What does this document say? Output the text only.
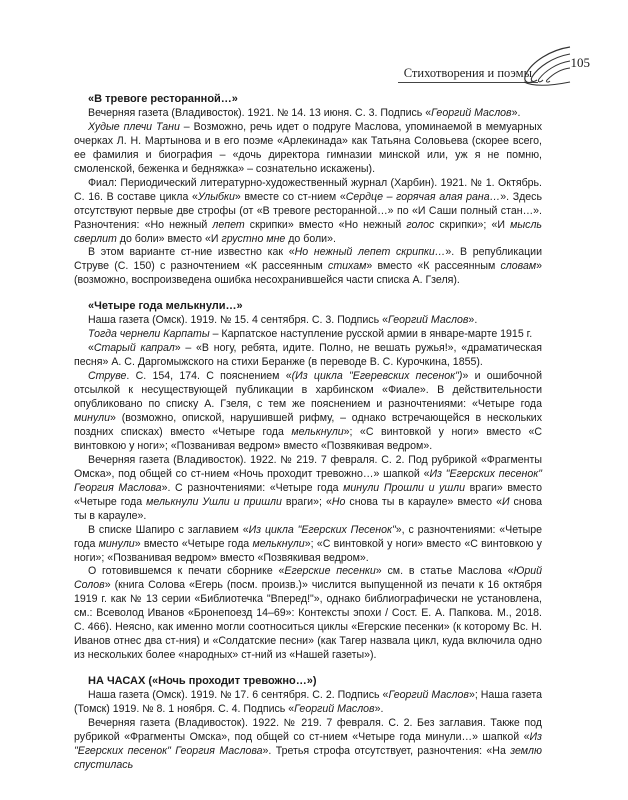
Стихотворения и поэмы
105

«В тревоге ресторанной…»

Вечерняя газета (Владивосток). 1921. № 14. 13 июня. С. 3. Подпись «Георгий Маслов».

Худые плечи Тани – Возможно, речь идет о подруге Маслова, упоминаемой в мемуарных очерках Л. Н. Мартынова и в его поэме «Арлекинада» как Татьяна Соловьева (скорее всего, ее фамилия и биография – «дочь директора гимназии минской или, уж я не помню, смоленской, беженка и бедняжка» – сознательно искажены).

Фиал: Периодический литературно-художественный журнал (Харбин). 1921. № 1. Октябрь. С. 16. В составе цикла «Улыбки» вместе со ст-нием «Сердце – горячая алая рана…». Здесь отсутствуют первые две строфы (от «В тревоге ресторанной…» по «И Саши полный стан…». Разночтения: «Но нежный лепет скрипки» вместо «Но нежный голос скрипки»; «И мысль сверлит до боли» вместо «И грустно мне до боли».

В этом варианте ст-ние известно как «Но нежный лепет скрипки…». В републикации Струве (С. 150) с разночтением «К рассеянным стихам» вместо «К рассеянным словам» (возможно, воспроизведена ошибка несохранившейся части списка А. Гзеля).

«Четыре года мелькнули…»

Наша газета (Омск). 1919. № 15. 4 сентября. С. 3. Подпись «Георгий Маслов».

Тогда чернели Карпаты – Карпатское наступление русской армии в январе-марте 1915 г.

«Старый капрал» – «В ногу, ребята, идите. Полно, не вешать ружья!», «драматическая песня» А. С. Даргомыжского на стихи Беранже (в переводе В. С. Курочкина, 1855).

Струве. С. 154, 174. С пояснением «(Из цикла "Егеревских песенок")» и ошибочной отсылкой к несуществующей публикации в харбинском «Фиале». В действительности опубликовано по списку А. Гзеля, с тем же пояснением и разночтениями: «Четыре года минули» (возможно, опиской, нарушившей рифму, – однако встречающейся в нескольких поздних списках) вместо «Четыре года мелькнули»; «С винтовкой у ноги» вместо «С винтовкою у ноги»; «Позванивая ведром» вместо «Позвякивая ведром».

Вечерняя газета (Владивосток). 1922. № 219. 7 февраля. С. 2. Под рубрикой «Фрагменты Омска», под общей со ст-нием «Ночь проходит тревожно…» шапкой «Из "Егерских песенок" Георгия Маслова». С разночтениями: «Четыре года минули Прошли и ушли враги» вместо «Четыре года мелькнули Ушли и пришли враги»; «Но снова ты в карауле» вместо «И снова ты в карауле».

В списке Шапиро с заглавием «Из цикла "Егерских Песенок"», с разночтениями: «Четыре года минули» вместо «Четыре года мелькнули»; «С винтовкой у ноги» вместо «С винтовкою у ноги»; «Позванивая ведром» вместо «Позвякивая ведром».

О готовившемся к печати сборнике «Егерские песенки» см. в статье Маслова «Юрий Солов» (книга Солова «Егерь (посм. произв.)» числится выпущенной из печати к 16 октября 1919 г. как № 13 серии «Библиотечка "Вперед!"», однако библиографически не установлена, см.: Всеволод Иванов «Бронепоезд 14–69»: Контексты эпохи / Сост. Е. А. Папкова. М., 2018. С. 466). Неясно, как именно могли соотноситься циклы «Егерские песенки» (к которому Вс. Н. Иванов отнес два ст-ния) и «Солдатские песни» (как Тагер назвала цикл, куда включила одно из нескольких более «народных» ст-ний из «Нашей газеты»).

НА ЧАСАХ («Ночь проходит тревожно…»)

Наша газета (Омск). 1919. № 17. 6 сентября. С. 2. Подпись «Георгий Маслов»; Наша газета (Томск) 1919. № 8. 1 ноября. С. 4. Подпись «Георгий Маслов».

Вечерняя газета (Владивосток). 1922. № 219. 7 февраля. С. 2. Без заглавия. Также под рубрикой «Фрагменты Омска», под общей со ст-нием «Четыре года минули…» шапкой «Из "Егерских песенок" Георгия Маслова». Третья строфа отсутствует, разночтения: «На землю спустилась
